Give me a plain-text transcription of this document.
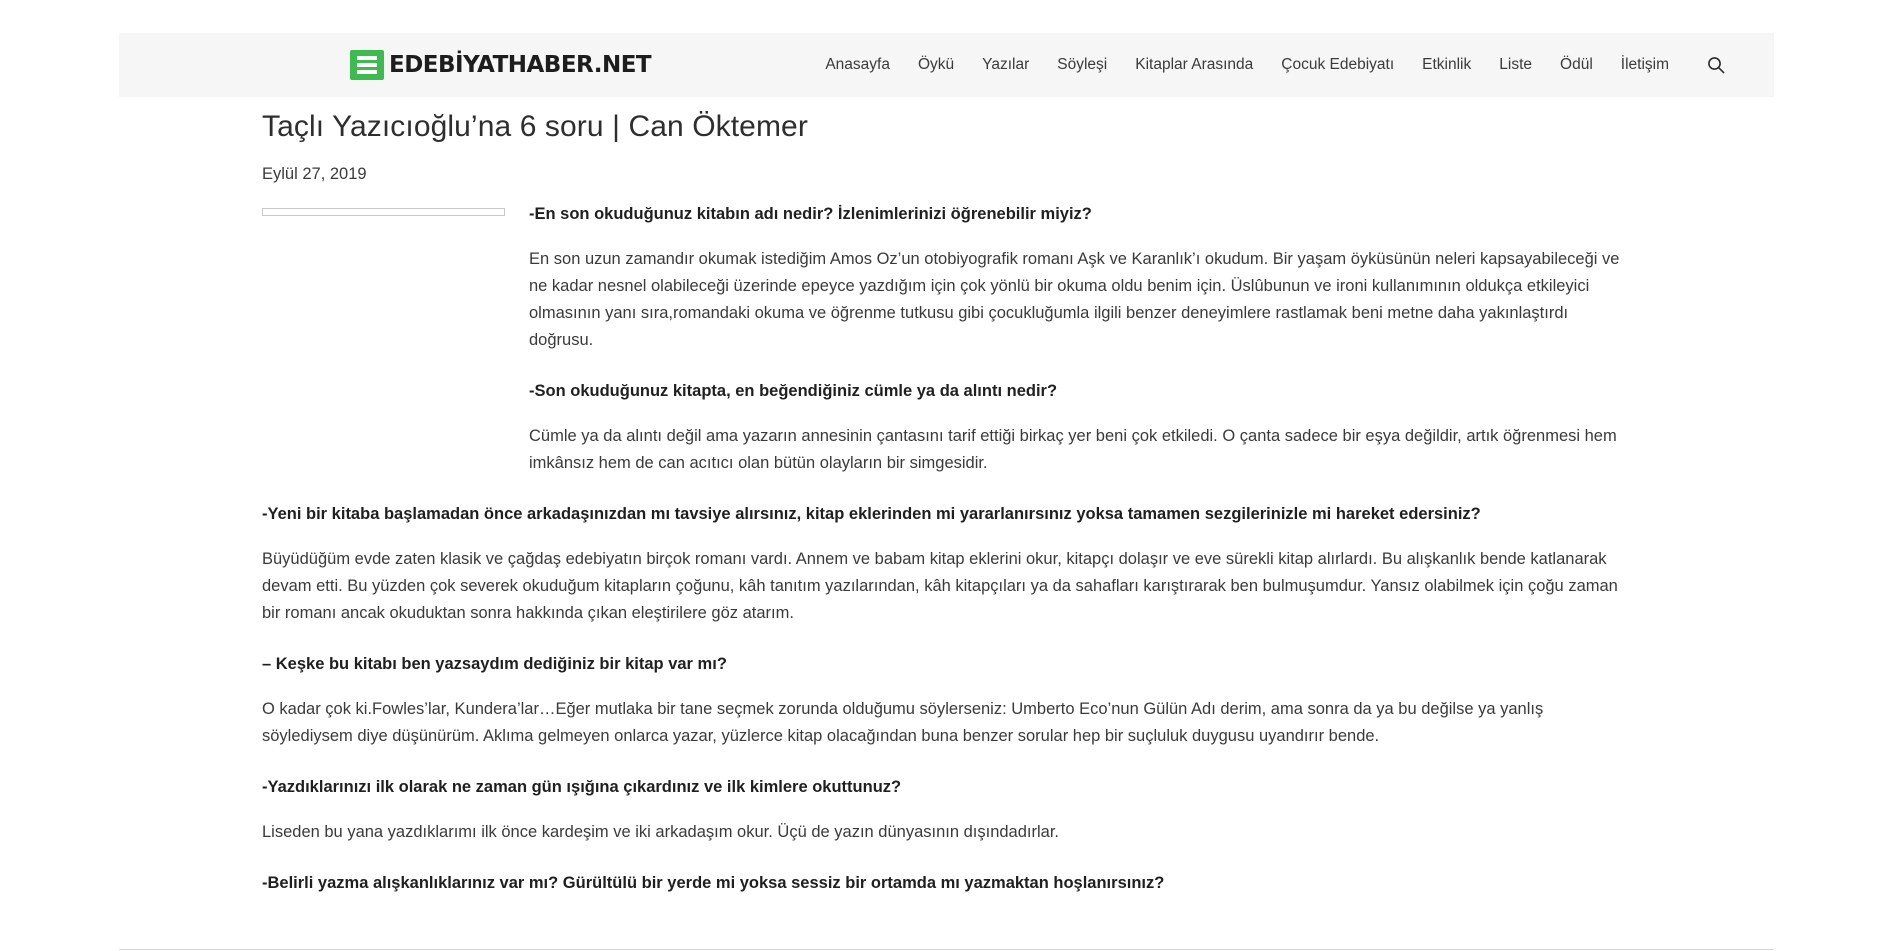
EDEBİYATHABER.NET	Anasayfa	Öykü	Yazılar	Söyleşi	Kitaplar Arasında	Çocuk Edebiyatı	Etkinlik	Liste	Ödül	İletişim
Taçlı Yazıcıoğlu’na 6 soru | Can Öktemer
Eylül 27, 2019

-En son okuduğunuz kitabın adı nedir? İzlenimlerinizi öğrenebilir miyiz?

En son uzun zamandır okumak istediğim Amos Oz’un otobiyografik romanı Aşk ve Karanlık’ı okudum. Bir yaşam öyküsünün neleri kapsayabileceği ve ne kadar nesnel olabileceği üzerinde epeyce yazdığım için çok yönlü bir okuma oldu benim için. Üslûbunun ve ironi kullanımının oldukça etkileyici olmasının yanı sıra,romandaki okuma ve öğrenme tutkusu gibi çocukluğumla ilgili benzer deneyimlere rastlamak beni metne daha yakınlaştırdı doğrusu.

-Son okuduğunuz kitapta, en beğendiğiniz cümle ya da alıntı nedir?

Cümle ya da alıntı değil ama yazarın annesinin çantasını tarif ettiği birkaç yer beni çok etkiledi. O çanta sadece bir eşya değildir, artık öğrenmesi hem imkânsız hem de can acıtıcı olan bütün olayların bir simgesidir.

-Yeni bir kitaba başlamadan önce arkadaşınızdan mı tavsiye alırsınız, kitap eklerinden mi yararlanırsınız yoksa tamamen sezgilerinizle mi hareket edersiniz?

Büyüdüğüm evde zaten klasik ve çağdaş edebiyatın birçok romanı vardı. Annem ve babam kitap eklerini okur, kitapçı dolaşır ve eve sürekli kitap alırlardı. Bu alışkanlık bende katlanarak devam etti. Bu yüzden çok severek okuduğum kitapların çoğunu, kâh tanıtım yazılarından, kâh kitapçıları ya da sahafları karıştırarak ben bulmuşumdur. Yansız olabilmek için çoğu zaman bir romanı ancak okuduktan sonra hakkında çıkan eleştirilere göz atarım.

– Keşke bu kitabı ben yazsaydım dediğiniz bir kitap var mı?

O kadar çok ki.Fowles’lar, Kundera’lar…Eğer mutlaka bir tane seçmek zorunda olduğumu söylerseniz: Umberto Eco’nun Gülün Adı derim, ama sonra da ya bu değilse ya yanlış söylediysem diye düşünürüm. Aklıma gelmeyen onlarca yazar, yüzlerce kitap olacağından buna benzer sorular hep bir suçluluk duygusu uyandırır bende.

-Yazdıklarınızı ilk olarak ne zaman gün ışığına çıkardınız ve ilk kimlere okuttunuz?

Liseden bu yana yazdıklarımı ilk önce kardeşim ve iki arkadaşım okur. Üçü de yazın dünyasının dışındadırlar.

-Belirli yazma alışkanlıklarınız var mı? Gürültülü bir yerde mi yoksa sessiz bir ortamda mı yazmaktan hoşlanırsınız?
